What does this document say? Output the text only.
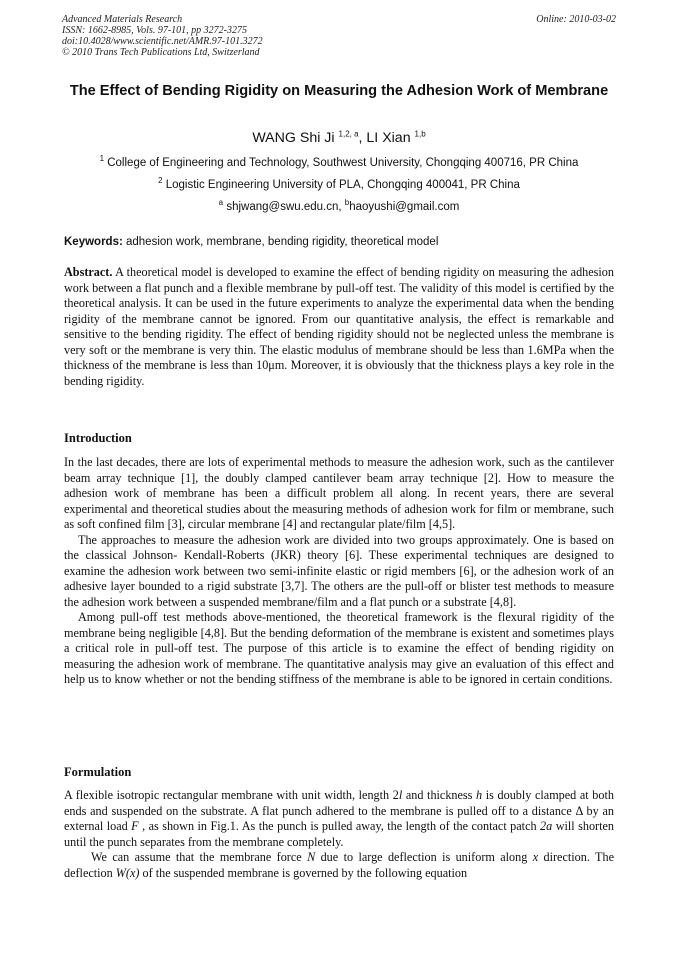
Advanced Materials Research
ISSN: 1662-8985, Vols. 97-101, pp 3272-3275
doi:10.4028/www.scientific.net/AMR.97-101.3272
© 2010 Trans Tech Publications Ltd, Switzerland
Online: 2010-03-02
The Effect of Bending Rigidity on Measuring the Adhesion Work of Membrane
WANG Shi Ji $^{1,2, a}$, LI Xian $^{1,b}$
$^1$ College of Engineering and Technology, Southwest University, Chongqing 400716, PR China
$^2$ Logistic Engineering University of PLA, Chongqing 400041, PR China
$^a$ shjwang@swu.edu.cn, $^b$haoyushi@gmail.com
Keywords: adhesion work, membrane, bending rigidity, theoretical model

Abstract. A theoretical model is developed to examine the effect of bending rigidity on measuring the adhesion work between a flat punch and a flexible membrane by pull-off test. The validity of this model is certified by the theoretical analysis. It can be used in the future experiments to analyze the experimental data when the bending rigidity of the membrane cannot be ignored. From our quantitative analysis, the effect is remarkable and sensitive to the bending rigidity. The effect of bending rigidity should not be neglected unless the membrane is very soft or the membrane is very thin. The elastic modulus of membrane should be less than 1.6MPa when the thickness of the membrane is less than 10μm. Moreover, it is obviously that the thickness plays a key role in the bending rigidity.

Introduction

In the last decades, there are lots of experimental methods to measure the adhesion work, such as the cantilever beam array technique [1], the doubly clamped cantilever beam array technique [2]. How to measure the adhesion work of membrane has been a difficult problem all along. In recent years, there are several experimental and theoretical studies about the measuring methods of adhesion work for film or membrane, such as soft confined film [3], circular membrane [4] and rectangular plate/film [4,5].

The approaches to measure the adhesion work are divided into two groups approximately. One is based on the classical Johnson- Kendall-Roberts (JKR) theory [6]. These experimental techniques are designed to examine the adhesion work between two semi-infinite elastic or rigid members [6], or the adhesion work of an adhesive layer bounded to a rigid substrate [3,7]. The others are the pull-off or blister test methods to measure the adhesion work between a suspended membrane/film and a flat punch or a substrate [4,8].

Among pull-off test methods above-mentioned, the theoretical framework is the flexural rigidity of the membrane being negligible [4,8]. But the bending deformation of the membrane is existent and sometimes plays a critical role in pull-off test. The purpose of this article is to examine the effect of bending rigidity on measuring the adhesion work of membrane. The quantitative analysis may give an evaluation of this effect and help us to know whether or not the bending stiffness of the membrane is able to be ignored in certain conditions.

Formulation

A flexible isotropic rectangular membrane with unit width, length 2l and thickness h is doubly clamped at both ends and suspended on the substrate. A flat punch adhered to the membrane is pulled off to a distance Δ by an external load F , as shown in Fig.1. As the punch is pulled away, the length of the contact patch 2a will shorten until the punch separates from the membrane completely.

We can assume that the membrane force N due to large deflection is uniform along x direction. The deflection W(x) of the suspended membrane is governed by the following equation
